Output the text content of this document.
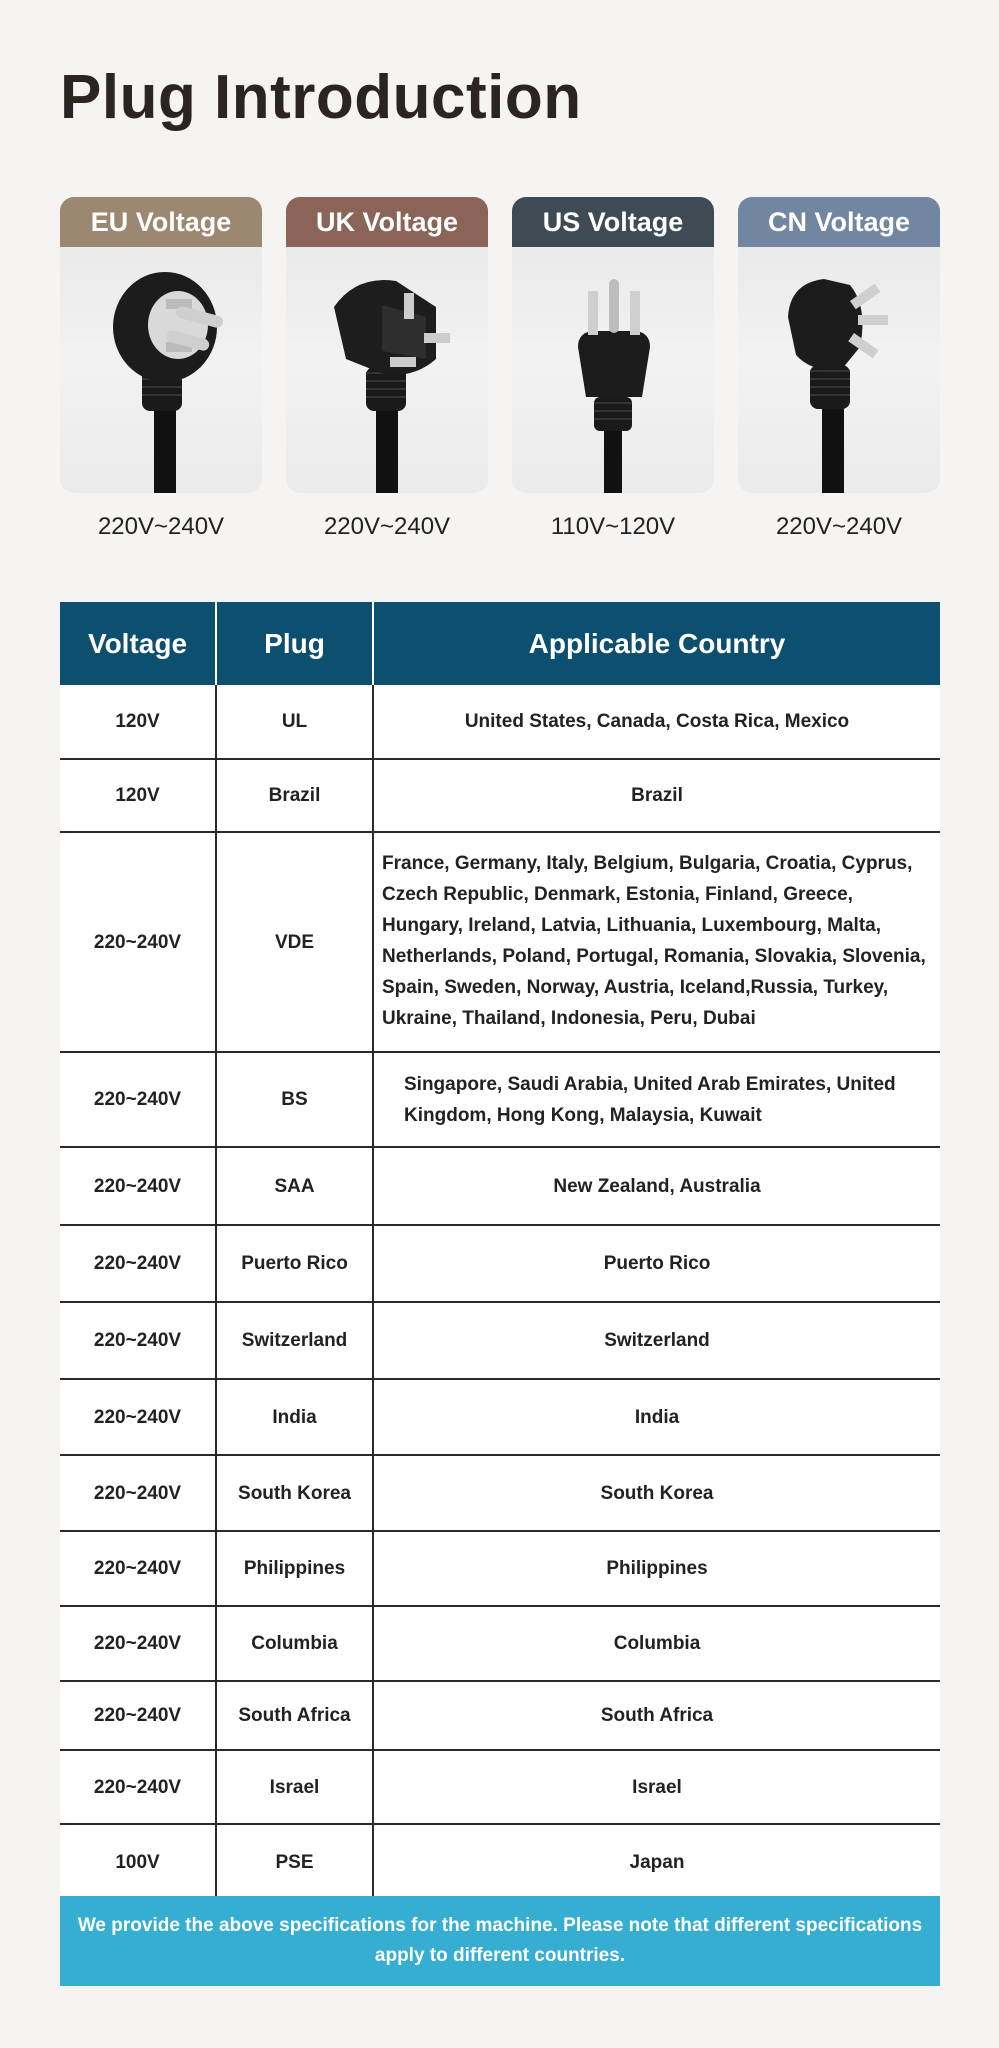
Plug Introduction
EU Voltage
220V~240V
UK Voltage
220V~240V
US Voltage
110V~120V
CN Voltage
220V~240V
Voltage	Plug	Applicable Country
120V	UL	United States, Canada, Costa Rica, Mexico
120V	Brazil	Brazil
220~240V	VDE	France, Germany, Italy, Belgium, Bulgaria, Croatia, Cyprus, Czech Republic, Denmark, Estonia, Finland, Greece, Hungary, Ireland, Latvia, Lithuania, Luxembourg, Malta, Netherlands, Poland, Portugal, Romania, Slovakia, Slovenia, Spain, Sweden, Norway, Austria, Iceland,Russia, Turkey, Ukraine, Thailand, Indonesia, Peru, Dubai
220~240V	BS	Singapore, Saudi Arabia, United Arab Emirates, United Kingdom, Hong Kong, Malaysia, Kuwait
220~240V	SAA	New Zealand, Australia
220~240V	Puerto Rico	Puerto Rico
220~240V	Switzerland	Switzerland
220~240V	India	India
220~240V	South Korea	South Korea
220~240V	Philippines	Philippines
220~240V	Columbia	Columbia
220~240V	South Africa	South Africa
220~240V	Israel	Israel
100V	PSE	Japan
We provide the above specifications for the machine. Please note that different specifications apply to different countries.
